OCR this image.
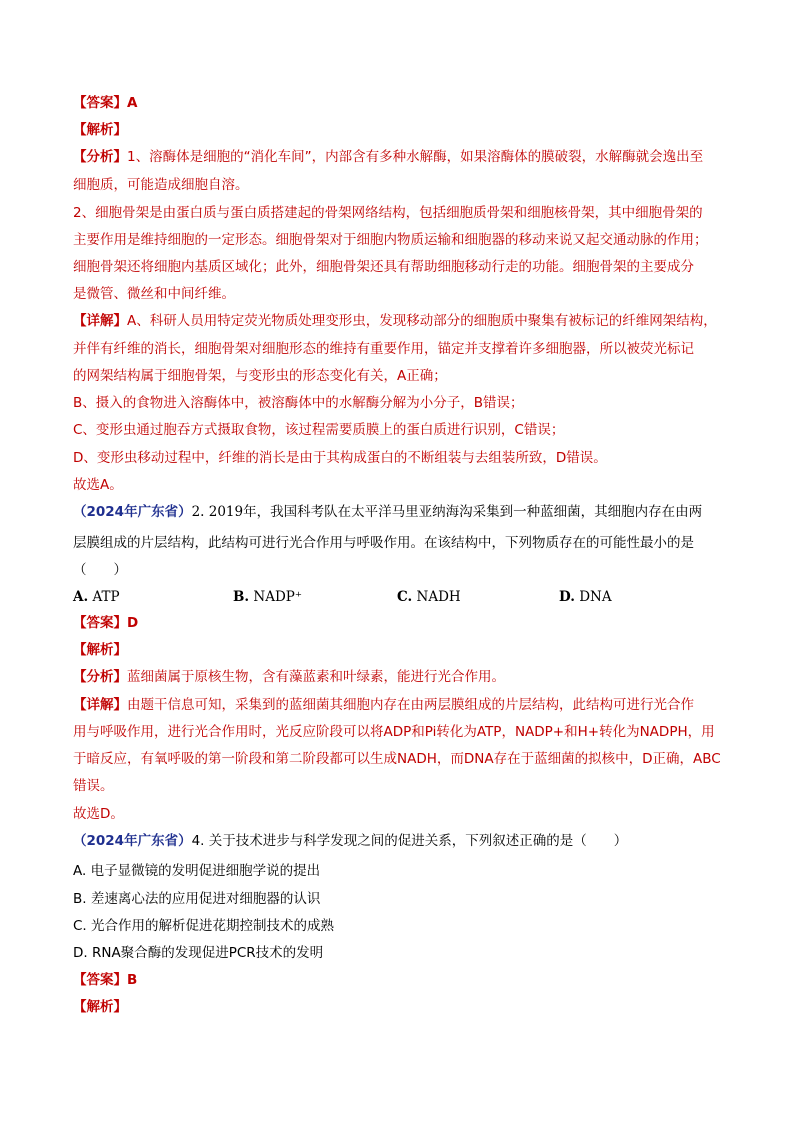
【答案】A
【解析】
【分析】1、溶酶体是细胞的“消化车间”，内部含有多种水解酶，如果溶酶体的膜破裂，水解酶就会逸出至
细胞质，可能造成细胞自溶。
2、细胞骨架是由蛋白质与蛋白质搭建起的骨架网络结构，包括细胞质骨架和细胞核骨架，其中细胞骨架的
主要作用是维持细胞的一定形态。细胞骨架对于细胞内物质运输和细胞器的移动来说又起交通动脉的作用；
细胞骨架还将细胞内基质区域化；此外，细胞骨架还具有帮助细胞移动行走的功能。细胞骨架的主要成分
是微管、微丝和中间纤维。
【详解】A、科研人员用特定荧光物质处理变形虫，发现移动部分的细胞质中聚集有被标记的纤维网架结构，
并伴有纤维的消长，细胞骨架对细胞形态的维持有重要作用，锚定并支撑着许多细胞器，所以被荧光标记
的网架结构属于细胞骨架，与变形虫的形态变化有关，A正确；
B、摄入的食物进入溶酶体中，被溶酶体中的水解酶分解为小分子，B错误；
C、变形虫通过胞吞方式摄取食物，该过程需要质膜上的蛋白质进行识别，C错误；
D、变形虫移动过程中，纤维的消长是由于其构成蛋白的不断组装与去组装所致，D错误。
故选A。
（2024年广东省）2. 2019年，我国科考队在太平洋马里亚纳海沟采集到一种蓝细菌，其细胞内存在由两
层膜组成的片层结构，此结构可进行光合作用与呼吸作用。在该结构中，下列物质存在的可能性最小的是
（　　）
A. ATP	B. NADP⁺	C. NADH	D. DNA
【答案】D
【解析】
【分析】蓝细菌属于原核生物，含有藻蓝素和叶绿素，能进行光合作用。
【详解】由题干信息可知，采集到的蓝细菌其细胞内存在由两层膜组成的片层结构，此结构可进行光合作
用与呼吸作用，进行光合作用时，光反应阶段可以将ADP和Pi转化为ATP，NADP+和H+转化为NADPH，用
于暗反应，有氧呼吸的第一阶段和第二阶段都可以生成NADH，而DNA存在于蓝细菌的拟核中，D正确，ABC
错误。
故选D。
（2024年广东省）4. 关于技术进步与科学发现之间的促进关系，下列叙述正确的是（　　）
A. 电子显微镜的发明促进细胞学说的提出
B. 差速离心法的应用促进对细胞器的认识
C. 光合作用的解析促进花期控制技术的成熟
D. RNA聚合酶的发现促进PCR技术的发明
【答案】B
【解析】
